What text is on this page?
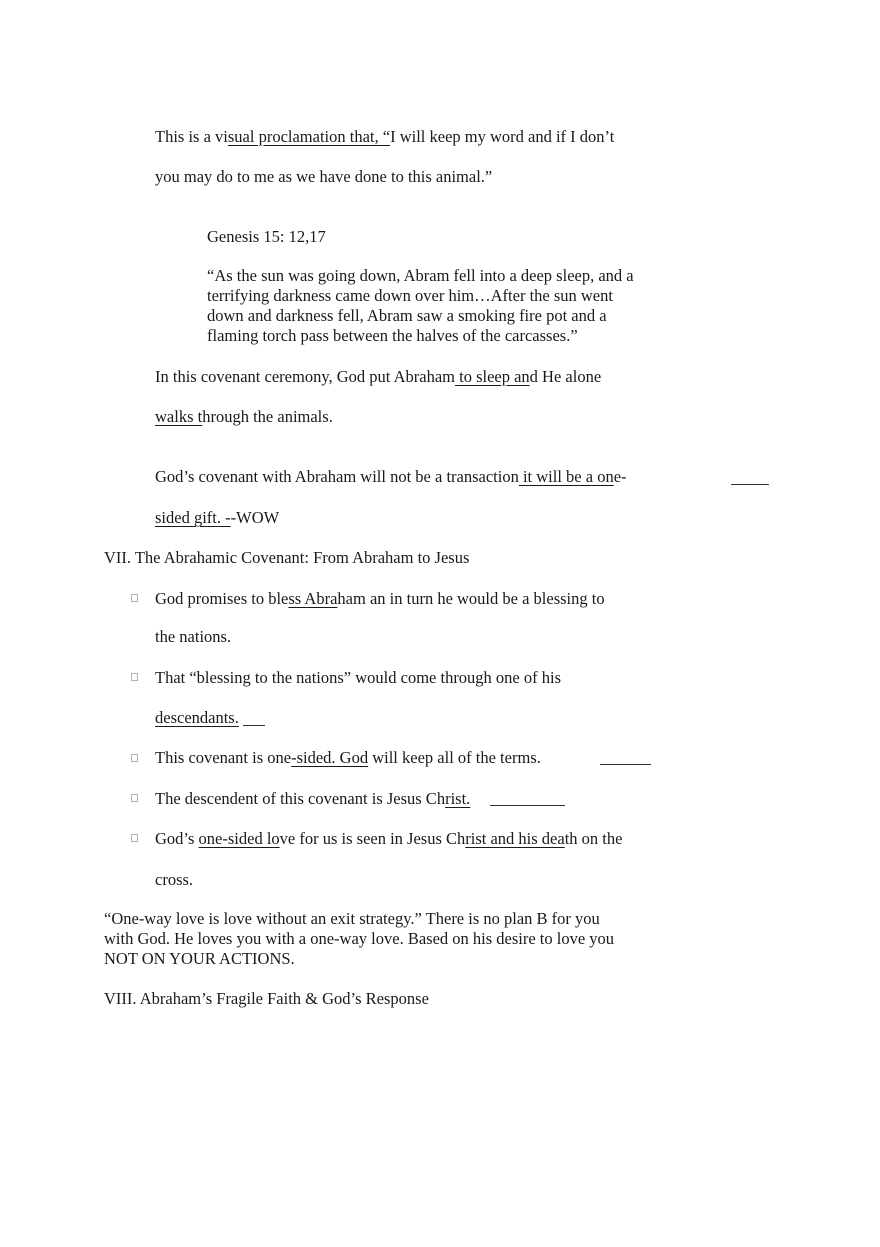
This is a visual proclamation that, “I will keep my word and if I don’t
you may do to me as we have done to this animal.”
Genesis 15: 12,17
“As the sun was going down, Abram fell into a deep sleep, and a
terrifying darkness came down over him…After the sun went
down and darkness fell, Abram saw a smoking fire pot and a
flaming torch pass between the halves of the carcasses.”
In this covenant ceremony, God put Abraham to sleep and He alone
walks through the animals.
God’s covenant with Abraham will not be a transaction it will be a one-
sided gift. --WOW
VII. The Abrahamic Covenant: From Abraham to Jesus
God promises to bless Abraham an in turn he would be a blessing to
the nations.
That “blessing to the nations” would come through one of his
descendants.
This covenant is one-sided. God will keep all of the terms.
The descendent of this covenant is Jesus Christ.
God’s one-sided love for us is seen in Jesus Christ and his death on the
cross.
“One-way love is love without an exit strategy.” There is no plan B for you
with God. He loves you with a one-way love. Based on his desire to love you
NOT ON YOUR ACTIONS.
VIII. Abraham’s Fragile Faith & God’s Response
